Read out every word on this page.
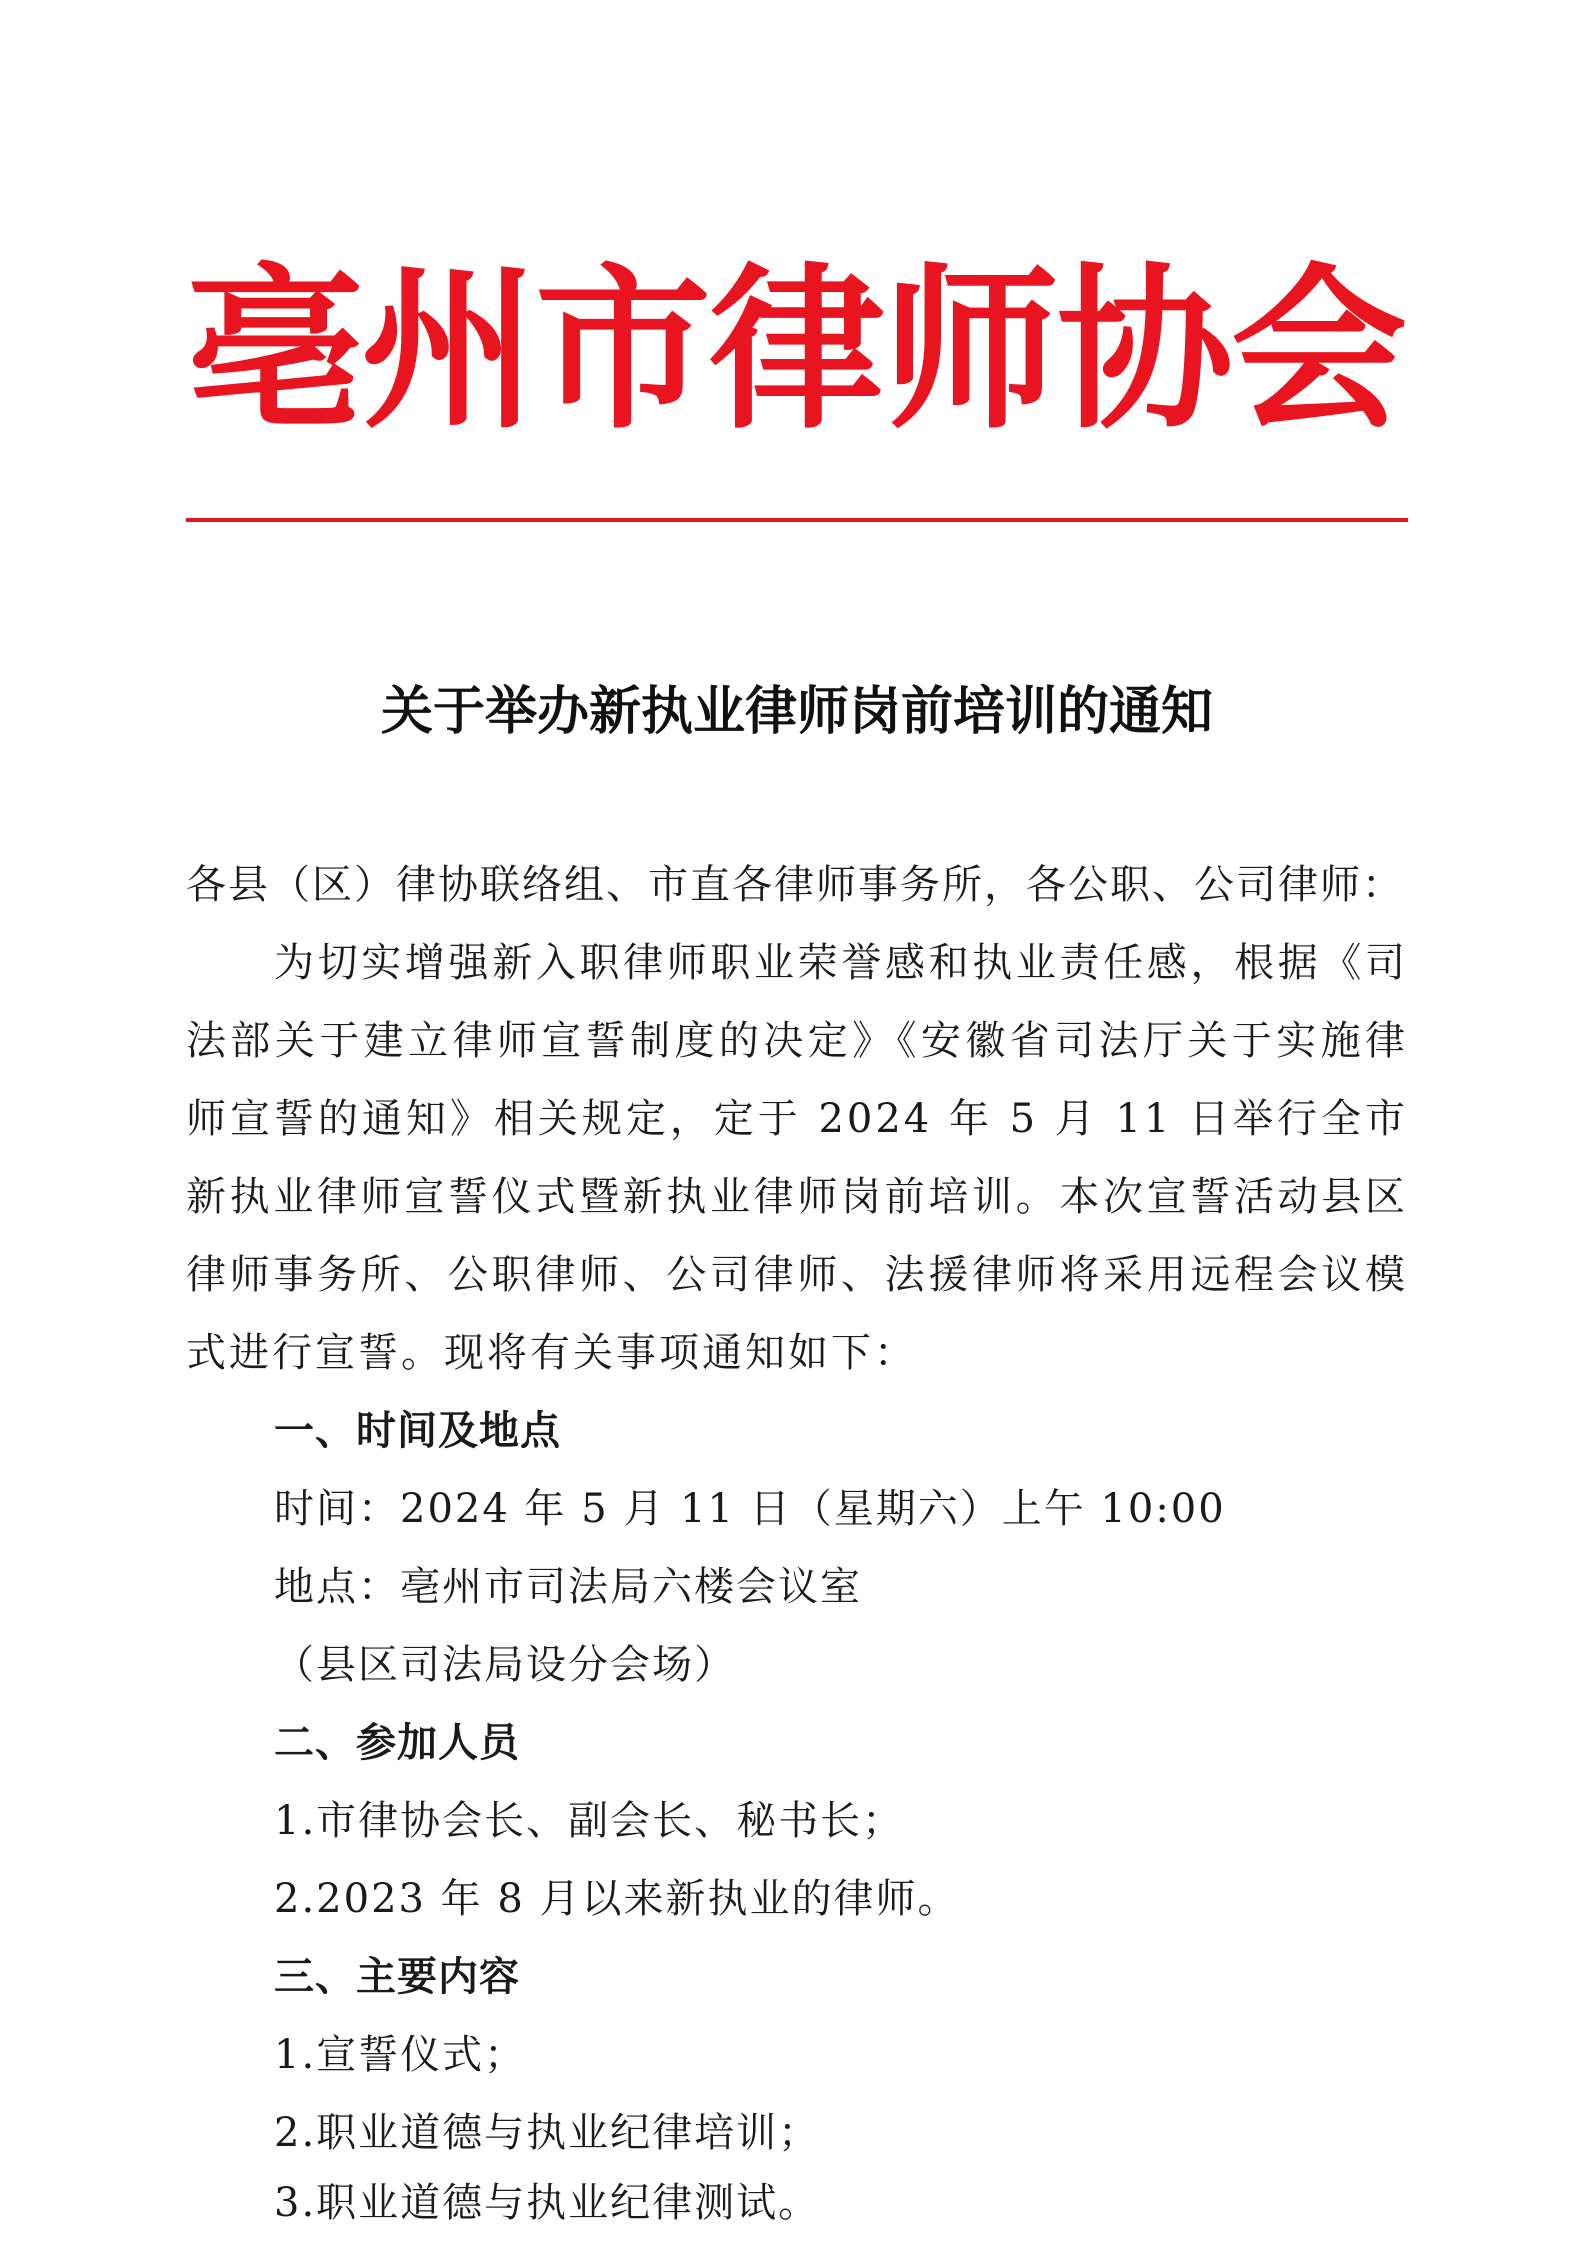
亳州市律师协会
关于举办新执业律师岗前培训的通知
各县（区）律协联络组、市直各律师事务所，各公职、公司律师：
为切实增强新入职律师职业荣誉感和执业责任感，根据《司法部关于建立律师宣誓制度的决定》《安徽省司法厅关于实施律师宣誓的通知》相关规定，定于 2024 年 5 月 11 日举行全市新执业律师宣誓仪式暨新执业律师岗前培训。本次宣誓活动县区律师事务所、公职律师、公司律师、法援律师将采用远程会议模式进行宣誓。现将有关事项通知如下：
一、时间及地点
时间：2024 年 5 月 11 日（星期六）上午 10:00
地点：亳州市司法局六楼会议室
（县区司法局设分会场）
二、参加人员
1.市律协会长、副会长、秘书长；
2.2023 年 8 月以来新执业的律师。
三、主要内容
1.宣誓仪式；
2.职业道德与执业纪律培训；
3.职业道德与执业纪律测试。
